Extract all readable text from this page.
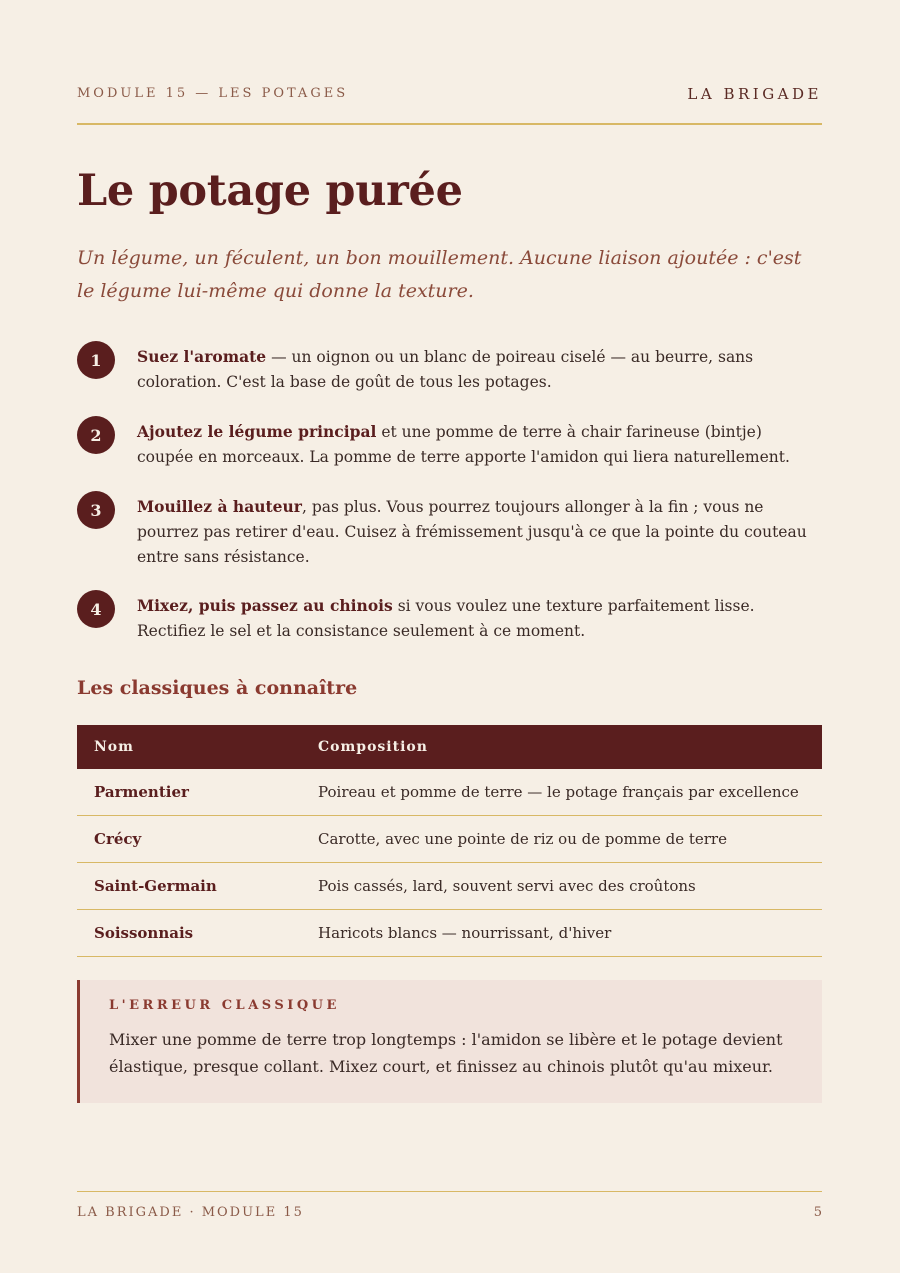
MODULE 15 — LES POTAGES	LA BRIGADE
Le potage purée

Un légume, un féculent, un bon mouillement. Aucune liaison ajoutée : c'est le légume lui-même qui donne la texture.

1	Suez l'aromate — un oignon ou un blanc de poireau ciselé — au beurre, sans coloration. C'est la base de goût de tous les potages.
2	Ajoutez le légume principal et une pomme de terre à chair farineuse (bintje) coupée en morceaux. La pomme de terre apporte l'amidon qui liera naturellement.
3	Mouillez à hauteur, pas plus. Vous pourrez toujours allonger à la fin ; vous ne pourrez pas retirer d'eau. Cuisez à frémissement jusqu'à ce que la pointe du couteau entre sans résistance.
4	Mixez, puis passez au chinois si vous voulez une texture parfaitement lisse. Rectifiez le sel et la consistance seulement à ce moment.
Les classiques à connaître
Nom	Composition
Parmentier	Poireau et pomme de terre — le potage français par excellence
Crécy	Carotte, avec une pointe de riz ou de pomme de terre
Saint-Germain	Pois cassés, lard, souvent servi avec des croûtons
Soissonnais	Haricots blancs — nourrissant, d'hiver
L'ERREUR CLASSIQUE
Mixer une pomme de terre trop longtemps : l'amidon se libère et le potage devient élastique, presque collant. Mixez court, et finissez au chinois plutôt qu'au mixeur.
LA BRIGADE · MODULE 15	5
